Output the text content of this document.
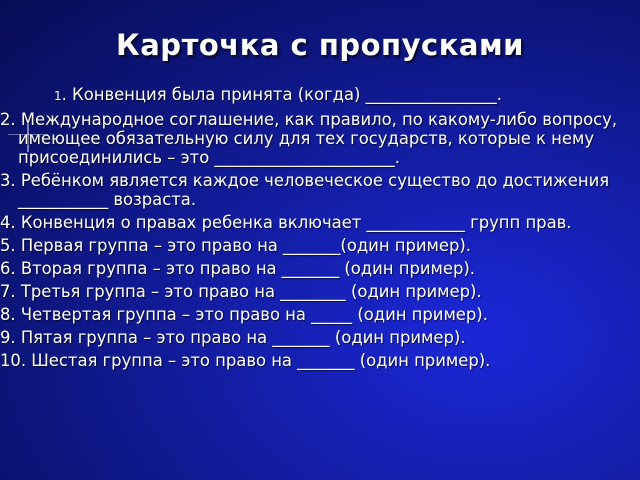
Карточка с пропусками
1. Конвенция была принята (когда) ________________.
2. Международное соглашение, как правило, по какому-либо вопросу, имеющее обязательную силу для тех государств, которые к нему присоединились – это ______________________.
3. Ребёнком является каждое человеческое существо до достижения ___________ возраста.
4. Конвенция о правах ребенка включает ____________ групп прав.
5. Первая группа – это право на _______(один пример).
6. Вторая группа – это право на _______ (один пример).
7. Третья группа – это право на ________ (один пример).
8. Четвертая группа – это право на _____ (один пример).
9. Пятая группа – это право на _______ (один пример).
10. Шестая группа – это право на _______ (один пример).
